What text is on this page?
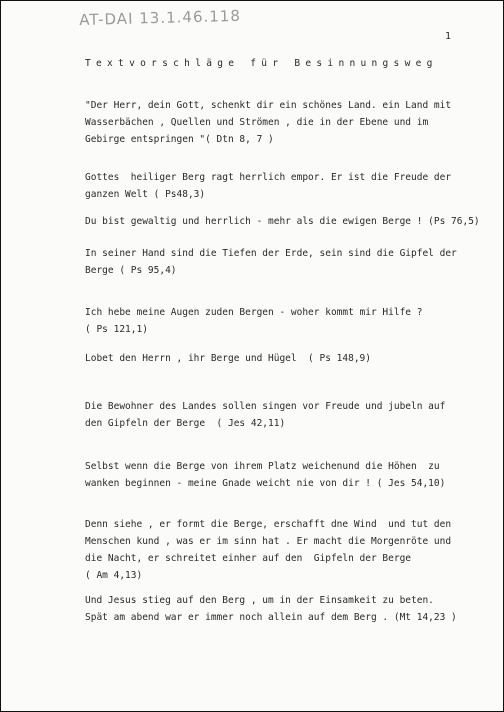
AT-DAI 13.1.46.118
1
Textvorschläge für Besinnungsweg
"Der Herr, dein Gott, schenkt dir ein schönes Land. ein Land mit
Wasserbächen , Quellen und Strömen , die in der Ebene und im
Gebirge entspringen "( Dtn 8, 7 )
Gottes  heiliger Berg ragt herrlich empor. Er ist die Freude der
ganzen Welt ( Ps48,3)
Du bist gewaltig und herrlich - mehr als die ewigen Berge ! (Ps 76,5)
In seiner Hand sind die Tiefen der Erde, sein sind die Gipfel der
Berge ( Ps 95,4)
Ich hebe meine Augen zuden Bergen - woher kommt mir Hilfe ?
( Ps 121,1)
Lobet den Herrn , ihr Berge und Hügel  ( Ps 148,9)
Die Bewohner des Landes sollen singen vor Freude und jubeln auf
den Gipfeln der Berge  ( Jes 42,11)
Selbst wenn die Berge von ihrem Platz weichenund die Höhen  zu
wanken beginnen - meine Gnade weicht nie von dir ! ( Jes 54,10)
Denn siehe , er formt die Berge, erschafft dne Wind  und tut den
Menschen kund , was er im sinn hat . Er macht die Morgenröte und
die Nacht, er schreitet einher auf den  Gipfeln der Berge
( Am 4,13)
Und Jesus stieg auf den Berg , um in der Einsamkeit zu beten.
Spät am abend war er immer noch allein auf dem Berg . (Mt 14,23 )
